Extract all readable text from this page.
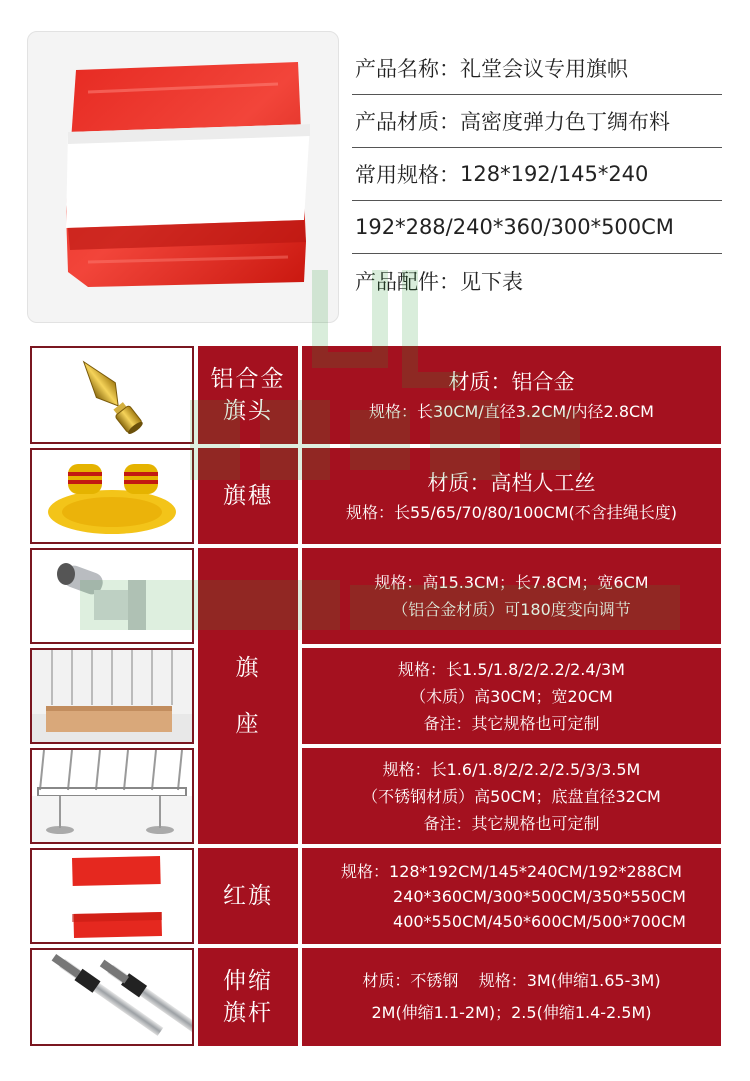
产品名称： 礼堂会议专用旗帜
产品材质： 高密度弹力色丁绸布料
常用规格： 128*192/145*240
192*288/240*360/300*500CM
产品配件： 见下表
铝合金
旗头
材质：铝合金
规格：长30CM/直径3.2CM/内径2.8CM
旗穗
材质：高档人工丝
规格：长55/65/70/80/100CM(不含挂绳长度)
旗
座
规格：高15.3CM；长7.8CM；宽6CM
（铝合金材质）可180度变向调节
规格：长1.5/1.8/2/2.2/2.4/3M
（木质）高30CM；宽20CM
备注：其它规格也可定制
规格：长1.6/1.8/2/2.2/2.5/3/3.5M
（不锈钢材质）高50CM；底盘直径32CM
备注：其它规格也可定制
红旗
规格：128*192CM/145*240CM/192*288CM
240*360CM/300*500CM/350*550CM
400*550CM/450*600CM/500*700CM
伸缩
旗杆
材质：不锈钢    规格：3M(伸缩1.65-3M)
2M(伸缩1.1-2M)；2.5(伸缩1.4-2.5M)
